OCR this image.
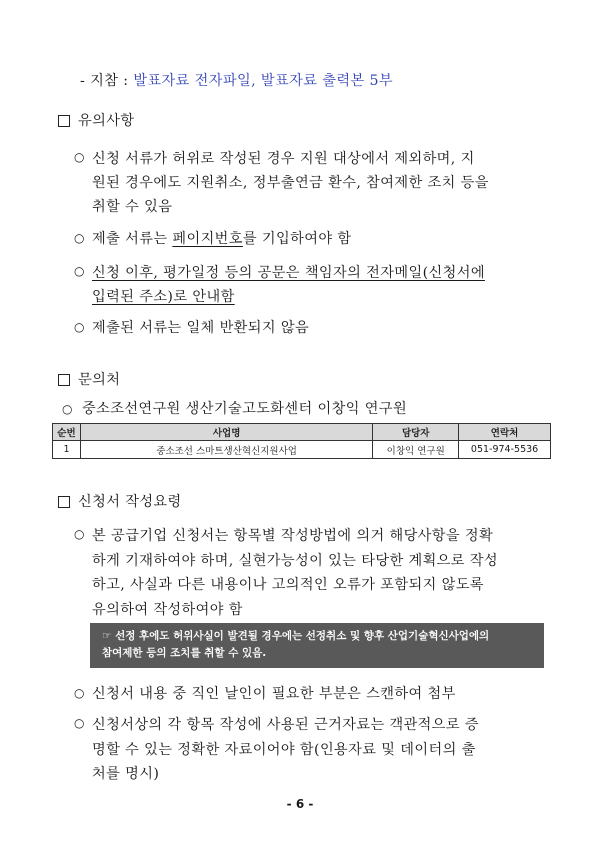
- 지참 : 발표자료 전자파일, 발표자료 출력본 5부
유의사항
○ 신청 서류가 허위로 작성된 경우 지원 대상에서 제외하며, 지
원된 경우에도 지원취소, 정부출연금 환수, 참여제한 조치 등을
취할 수 있음
○ 제출 서류는 페이지번호를 기입하여야 함
○ 신청 이후, 평가일정 등의 공문은 책임자의 전자메일(신청서에
입력된 주소)로 안내함
○ 제출된 서류는 일체 반환되지 않음
문의처
○ 중소조선연구원 생산기술고도화센터 이창익 연구원
순번	사업명	담당자	연락처
1	중소조선 스마트생산혁신지원사업	이창익 연구원	051-974-5536
신청서 작성요령
○ 본 공급기업 신청서는 항목별 작성방법에 의거 해당사항을 정확
하게 기재하여야 하며, 실현가능성이 있는 타당한 계획으로 작성
하고, 사실과 다른 내용이나 고의적인 오류가 포함되지 않도록
유의하여 작성하여야 함
☞ 선정 후에도 허위사실이 발견될 경우에는 선정취소 및 향후 산업기술혁신사업에의
참여제한 등의 조치를 취할 수 있음.
○ 신청서 내용 중 직인 날인이 필요한 부분은 스캔하여 첨부
○ 신청서상의 각 항목 작성에 사용된 근거자료는 객관적으로 증
명할 수 있는 정확한 자료이어야 함(인용자료 및 데이터의 출
처를 명시)
- 6 -
